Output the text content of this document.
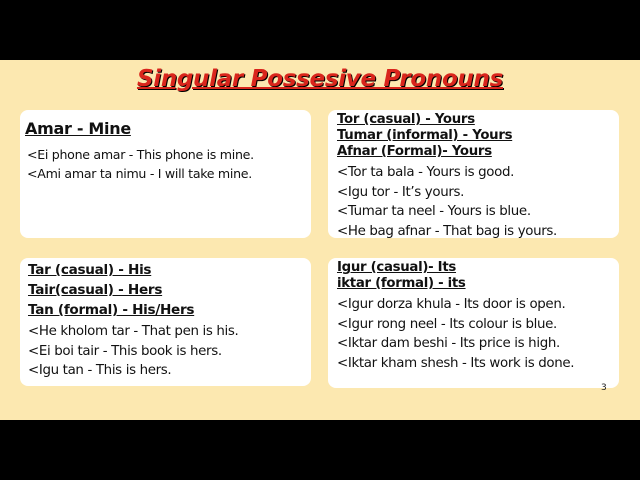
Singular Possesive Pronouns
Amar - Mine
<Ei phone amar - This phone is mine.
<Ami amar ta nimu - I will take mine.
Tor (casual) - Yours
Tumar (informal) - Yours
Afnar (Formal)- Yours
<Tor ta bala - Yours is good.
<Igu tor - It’s yours.
<Tumar ta neel - Yours is blue.
<He bag afnar - That bag is yours.
Tar (casual) - His
Tair(casual) - Hers
Tan (formal) - His/Hers
<He kholom tar - That pen is his.
<Ei boi tair - This book is hers.
<Igu tan - This is hers.
Igur (casual)- Its
iktar (formal) - its
<Igur dorza khula - Its door is open.
<Igur rong neel - Its colour is blue.
<Iktar dam beshi - Its price is high.
<Iktar kham shesh - Its work is done.
3
